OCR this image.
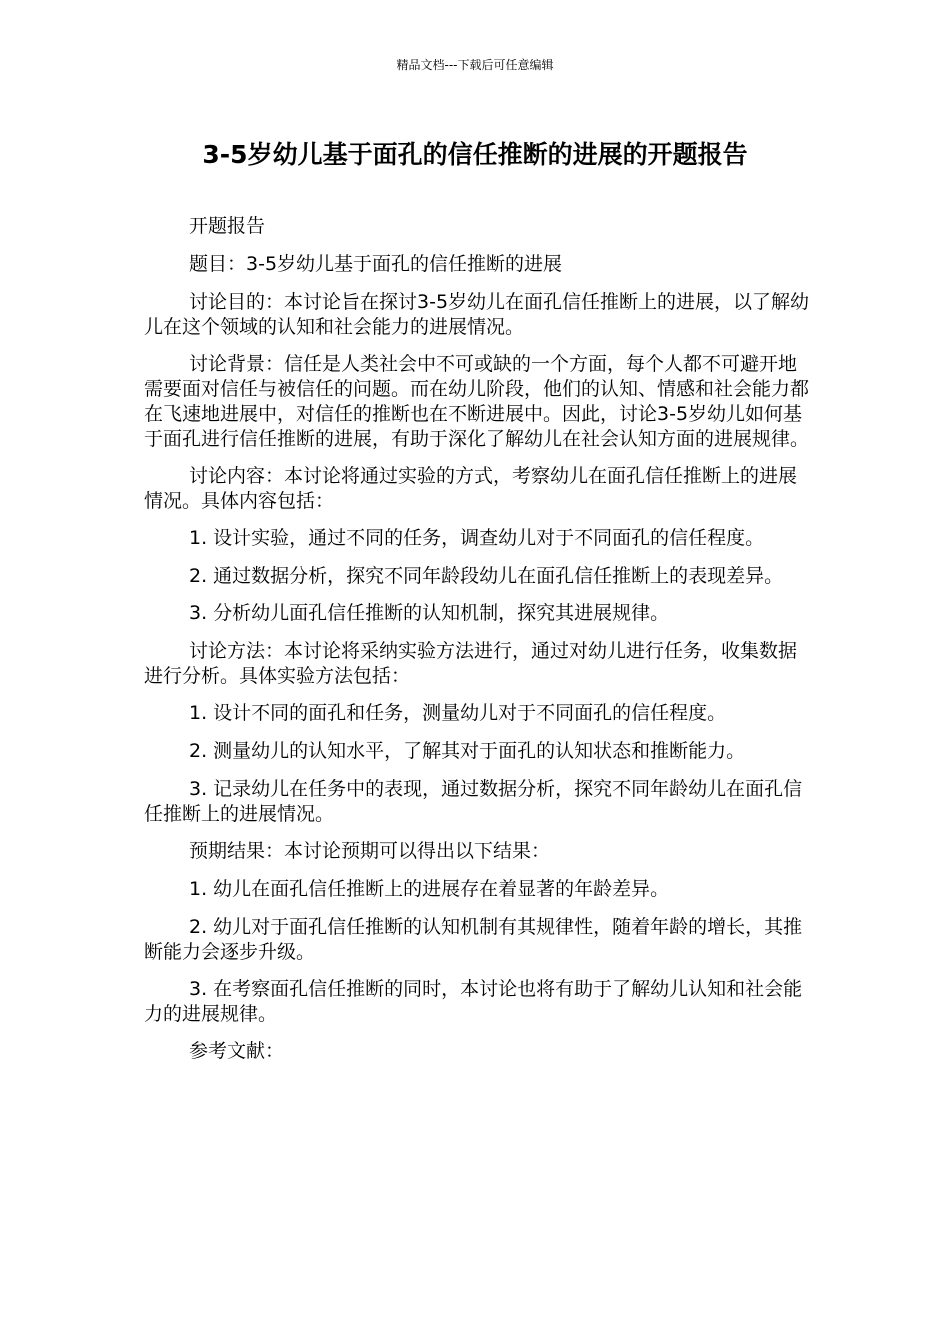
精品文档---下载后可任意编辑
3-5岁幼儿基于面孔的信任推断的进展的开题报告

开题报告

题目：3-5岁幼儿基于面孔的信任推断的进展

讨论目的：本讨论旨在探讨3-5岁幼儿在面孔信任推断上的进展，以了解幼儿在这个领域的认知和社会能力的进展情况。

讨论背景：信任是人类社会中不可或缺的一个方面，每个人都不可避开地需要面对信任与被信任的问题。而在幼儿阶段，他们的认知、情感和社会能力都在飞速地进展中，对信任的推断也在不断进展中。因此，讨论3-5岁幼儿如何基于面孔进行信任推断的进展，有助于深化了解幼儿在社会认知方面的进展规律。

讨论内容：本讨论将通过实验的方式，考察幼儿在面孔信任推断上的进展情况。具体内容包括：

1. 设计实验，通过不同的任务，调查幼儿对于不同面孔的信任程度。

2. 通过数据分析，探究不同年龄段幼儿在面孔信任推断上的表现差异。

3. 分析幼儿面孔信任推断的认知机制，探究其进展规律。

讨论方法：本讨论将采纳实验方法进行，通过对幼儿进行任务，收集数据进行分析。具体实验方法包括：

1. 设计不同的面孔和任务，测量幼儿对于不同面孔的信任程度。

2. 测量幼儿的认知水平，了解其对于面孔的认知状态和推断能力。

3. 记录幼儿在任务中的表现，通过数据分析，探究不同年龄幼儿在面孔信任推断上的进展情况。

预期结果：本讨论预期可以得出以下结果：

1. 幼儿在面孔信任推断上的进展存在着显著的年龄差异。

2. 幼儿对于面孔信任推断的认知机制有其规律性，随着年龄的增长，其推断能力会逐步升级。

3. 在考察面孔信任推断的同时，本讨论也将有助于了解幼儿认知和社会能力的进展规律。

参考文献：
